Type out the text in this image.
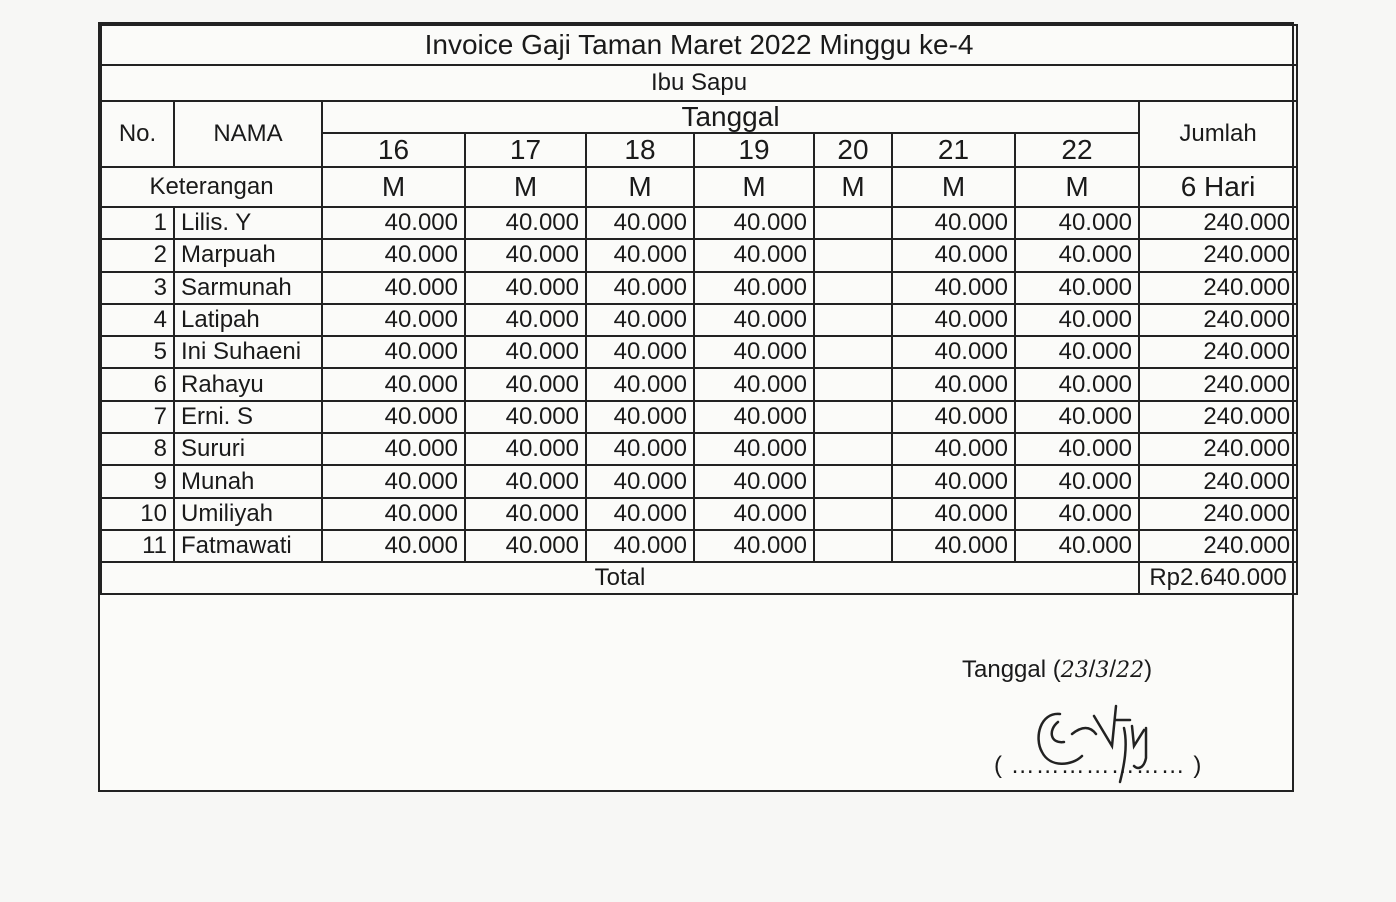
Invoice Gaji Taman Maret 2022 Minggu ke-4									
Ibu Sapu									
No.	NAMA	Tanggal							Jumlah
		16	17	18	19	20	21	22	
Keterangan		M	M	M	M	M	M	M	6 Hari
1	Lilis. Y	40.000	40.000	40.000	40.000		40.000	40.000	240.000
2	Marpuah	40.000	40.000	40.000	40.000		40.000	40.000	240.000
3	Sarmunah	40.000	40.000	40.000	40.000		40.000	40.000	240.000
4	Latipah	40.000	40.000	40.000	40.000		40.000	40.000	240.000
5	Ini Suhaeni	40.000	40.000	40.000	40.000		40.000	40.000	240.000
6	Rahayu	40.000	40.000	40.000	40.000		40.000	40.000	240.000
7	Erni. S	40.000	40.000	40.000	40.000		40.000	40.000	240.000
8	Sururi	40.000	40.000	40.000	40.000		40.000	40.000	240.000
9	Munah	40.000	40.000	40.000	40.000		40.000	40.000	240.000
10	Umiliyah	40.000	40.000	40.000	40.000		40.000	40.000	240.000
11	Fatmawati	40.000	40.000	40.000	40.000		40.000	40.000	240.000
Total									Rp2.640.000
Tanggal (23/3/22)
( ………………… )
